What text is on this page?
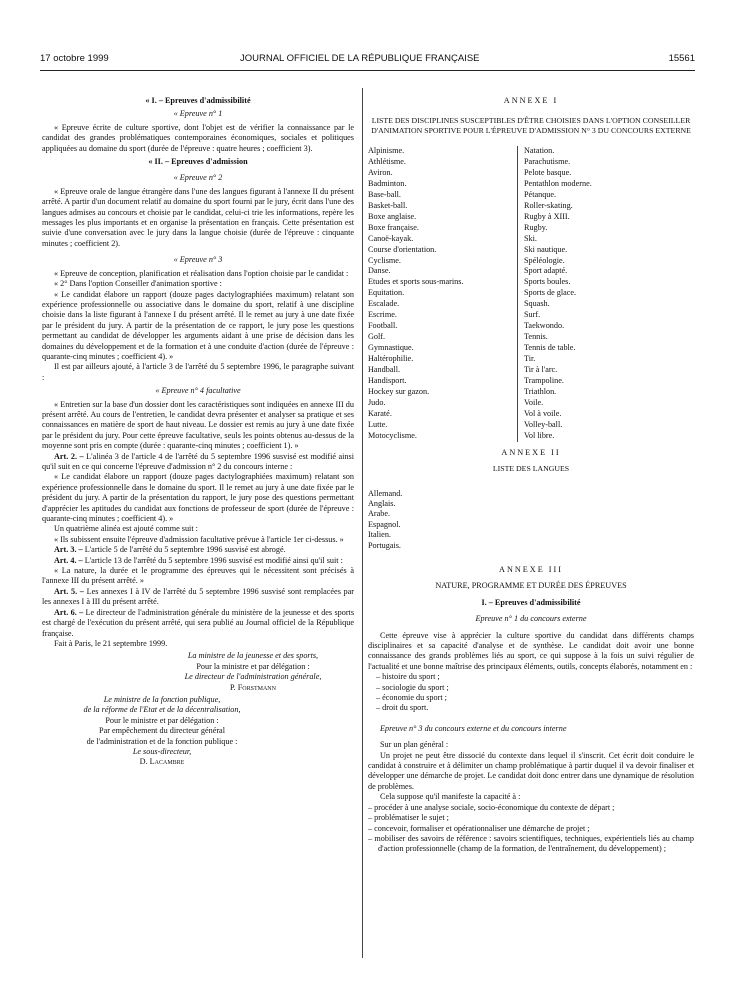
17 octobre 1999	JOURNAL OFFICIEL DE LA RÉPUBLIQUE FRANÇAISE	15561

« I. – Epreuves d'admissibilité

« Epreuve n° 1

« Epreuve écrite de culture sportive, dont l'objet est de vérifier la connaissance par le candidat des grandes problématiques contemporaines économiques, sociales et politiques appliquées au domaine du sport (durée de l'épreuve : quatre heures ; coefficient 3).

« II. – Epreuves d'admission

« Epreuve n° 2

« Epreuve orale de langue étrangère dans l'une des langues figurant à l'annexe II du présent arrêté. A partir d'un document relatif au domaine du sport fourni par le jury, écrit dans l'une des langues admises au concours et choisie par le candidat, celui-ci trie les informations, repère les messages les plus importants et en organise la présentation en français. Cette présentation est suivie d'une conversation avec le jury dans la langue choisie (durée de l'épreuve : cinquante minutes ; coefficient 2).

« Epreuve n° 3

« Epreuve de conception, planification et réalisation dans l'option choisie par le candidat :

« 2° Dans l'option Conseiller d'animation sportive :

« Le candidat élabore un rapport (douze pages dactylographiées maximum) relatant son expérience professionnelle ou associative dans le domaine du sport, relatif à une discipline choisie dans la liste figurant à l'annexe I du présent arrêté. Il le remet au jury à une date fixée par le président du jury. A partir de la présentation de ce rapport, le jury pose les questions permettant au candidat de développer les arguments aidant à une prise de décision dans les domaines du développement et de la formation et à une conduite d'action (durée de l'épreuve : quarante-cinq minutes ; coefficient 4). »

Il est par ailleurs ajouté, à l'article 3 de l'arrêté du 5 septembre 1996, le paragraphe suivant :

« Epreuve n° 4 facultative

« Entretien sur la base d'un dossier dont les caractéristiques sont indiquées en annexe III du présent arrêté. Au cours de l'entretien, le candidat devra présenter et analyser sa pratique et ses connaissances en matière de sport de haut niveau. Le dossier est remis au jury à une date fixée par le président du jury. Pour cette épreuve facultative, seuls les points obtenus au-dessus de la moyenne sont pris en compte (durée : quarante-cinq minutes ; coefficient 1). »

Art. 2. – L'alinéa 3 de l'article 4 de l'arrêté du 5 septembre 1996 susvisé est modifié ainsi qu'il suit en ce qui concerne l'épreuve d'admission n° 2 du concours interne :

« Le candidat élabore un rapport (douze pages dactylographiées maximum) relatant son expérience professionnelle dans le domaine du sport. Il le remet au jury à une date fixée par le président du jury. A partir de la présentation du rapport, le jury pose des questions permettant d'apprécier les aptitudes du candidat aux fonctions de professeur de sport (durée de l'épreuve : quarante-cinq minutes ; coefficient 4). »

Un quatrième alinéa est ajouté comme suit :

« Ils subissent ensuite l'épreuve d'admission facultative prévue à l'article 1er ci-dessus. »

Art. 3. – L'article 5 de l'arrêté du 5 septembre 1996 susvisé est abrogé.

Art. 4. – L'article 13 de l'arrêté du 5 septembre 1996 susvisé est modifié ainsi qu'il suit :

« La nature, la durée et le programme des épreuves qui le nécessitent sont précisés à l'annexe III du présent arrêté. »

Art. 5. – Les annexes I à IV de l'arrêté du 5 septembre 1996 susvisé sont remplacées par les annexes I à III du présent arrêté.

Art. 6. – Le directeur de l'administration générale du ministère de la jeunesse et des sports est chargé de l'exécution du présent arrêté, qui sera publié au Journal officiel de la République française.

Fait à Paris, le 21 septembre 1999.

La ministre de la jeunesse et des sports,
Pour la ministre et par délégation :
Le directeur de l'administration générale,
P. Forstmann
Le ministre de la fonction publique,
de la réforme de l'Etat et de la décentralisation,
Pour le ministre et par délégation :
Par empêchement du directeur général
de l'administration et de la fonction publique :
Le sous-directeur,
D. Lacambre

ANNEXE I

LISTE DES DISCIPLINES SUSCEPTIBLES D'ÊTRE CHOISIES DANS L'OPTION CONSEILLER D'ANIMATION SPORTIVE POUR L'ÉPREUVE D'ADMISSION N° 3 DU CONCOURS EXTERNE

Alpinisme.
Athlétisme.
Aviron.
Badminton.
Base-ball.
Basket-ball.
Boxe anglaise.
Boxe française.
Canoë-kayak.
Course d'orientation.
Cyclisme.
Danse.
Etudes et sports sous-marins.
Equitation.
Escalade.
Escrime.
Football.
Golf.
Gymnastique.
Haltérophilie.
Handball.
Handisport.
Hockey sur gazon.
Judo.
Karaté.
Lutte.
Motocyclisme.
Natation.
Parachutisme.
Pelote basque.
Pentathlon moderne.
Pétanque.
Roller-skating.
Rugby à XIII.
Rugby.
Ski.
Ski nautique.
Spéléologie.
Sport adapté.
Sports boules.
Sports de glace.
Squash.
Surf.
Taekwondo.
Tennis.
Tennis de table.
Tir.
Tir à l'arc.
Trampoline.
Triathlon.
Voile.
Vol à voile.
Volley-ball.
Vol libre.

ANNEXE II

LISTE DES LANGUES

Allemand.
Anglais.
Arabe.
Espagnol.
Italien.
Portugais.

ANNEXE III

NATURE, PROGRAMME ET DURÉE DES ÉPREUVES

I. – Epreuves d'admissibilité

Epreuve n° 1 du concours externe

Cette épreuve vise à apprécier la culture sportive du candidat dans différents champs disciplinaires et sa capacité d'analyse et de synthèse. Le candidat doit avoir une bonne connaissance des grands problèmes liés au sport, ce qui suppose à la fois un suivi régulier de l'actualité et une bonne maîtrise des principaux éléments, outils, concepts élaborés, notamment en :

– histoire du sport ;
– sociologie du sport ;
– économie du sport ;
– droit du sport.

Epreuve n° 3 du concours externe et du concours interne

Sur un plan général :

Un projet ne peut être dissocié du contexte dans lequel il s'inscrit. Cet écrit doit conduire le candidat à construire et à délimiter un champ problématique à partir duquel il va devoir finaliser et développer une démarche de projet. Le candidat doit donc entrer dans une dynamique de résolution de problèmes.

Cela suppose qu'il manifeste la capacité à :

– procéder à une analyse sociale, socio-économique du contexte de départ ;
– problématiser le sujet ;
– concevoir, formaliser et opérationnaliser une démarche de projet ;
– mobiliser des savoirs de référence : savoirs scientifiques, techniques, expérientiels liés au champ d'action professionnelle (champ de la formation, de l'entraînement, du développement) ;
